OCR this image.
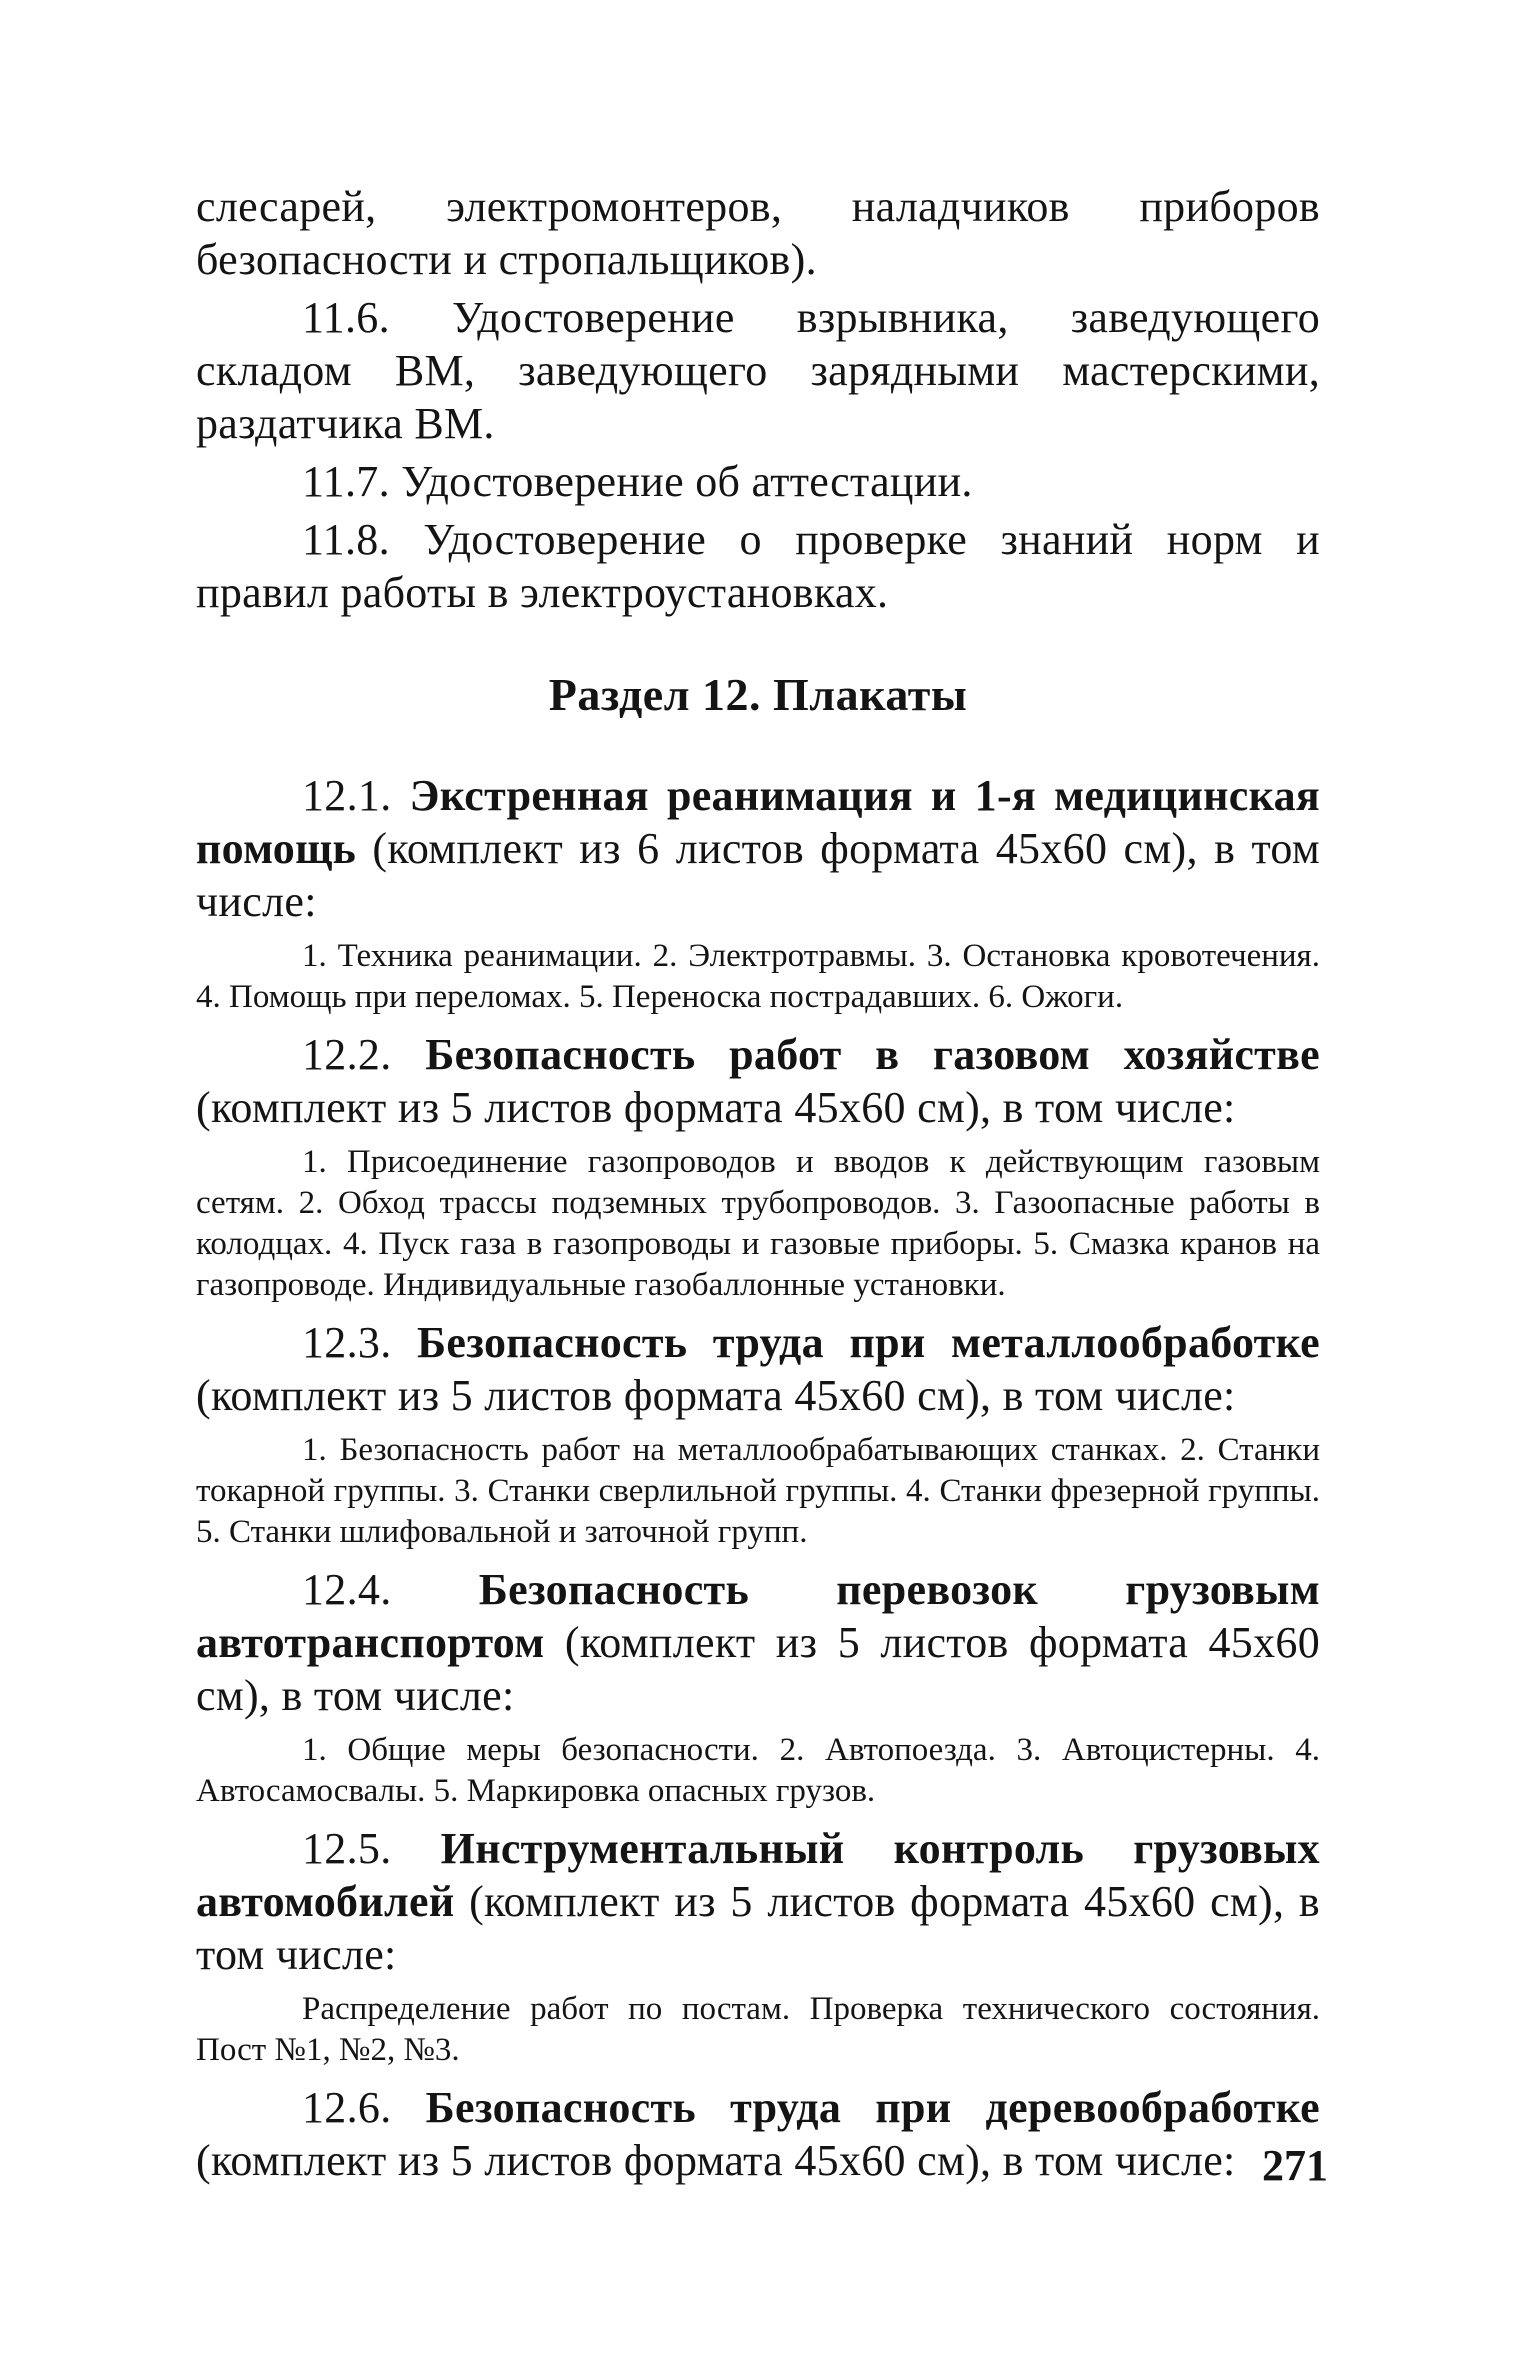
слесарей, электромонтеров, наладчиков приборов безопасности и стропальщиков).

11.6. Удостоверение взрывника, заведующего складом ВМ, заведующего зарядными мастерскими, раздатчика ВМ.

11.7. Удостоверение об аттестации.

11.8. Удостоверение о проверке знаний норм и правил работы в электроустановках.

Раздел 12. Плакаты

12.1. Экстренная реанимация и 1-я медицинская помощь (комплект из 6 листов формата 45х60 см), в том числе:

1. Техника реанимации. 2. Электротравмы. 3. Остановка кровотечения. 4. Помощь при переломах. 5. Переноска пострадавших. 6. Ожоги.

12.2. Безопасность работ в газовом хозяйстве (комплект из 5 листов формата 45х60 см), в том числе:

1. Присоединение газопроводов и вводов к действующим газовым сетям. 2. Обход трассы подземных трубопроводов. 3. Газоопасные работы в колодцах. 4. Пуск газа в газопроводы и газовые приборы. 5. Смазка кранов на газопроводе. Индивидуальные газобаллонные установки.

12.3. Безопасность труда при металлообработке (комплект из 5 листов формата 45х60 см), в том числе:

1. Безопасность работ на металлообрабатывающих станках. 2. Станки токарной группы. 3. Станки сверлильной группы. 4. Станки фрезерной группы. 5. Станки шлифовальной и заточной групп.

12.4. Безопасность перевозок грузовым автотранспортом (комплект из 5 листов формата 45х60 см), в том числе:

1. Общие меры безопасности. 2. Автопоезда. 3. Автоцистерны. 4. Автосамосвалы. 5. Маркировка опасных грузов.

12.5. Инструментальный контроль грузовых автомобилей (комплект из 5 листов формата 45х60 см), в том числе:

Распределение работ по постам. Проверка технического состояния. Пост №1, №2, №3.

12.6. Безопасность труда при деревообработке (комплект из 5 листов формата 45х60 см), в том числе: 271
